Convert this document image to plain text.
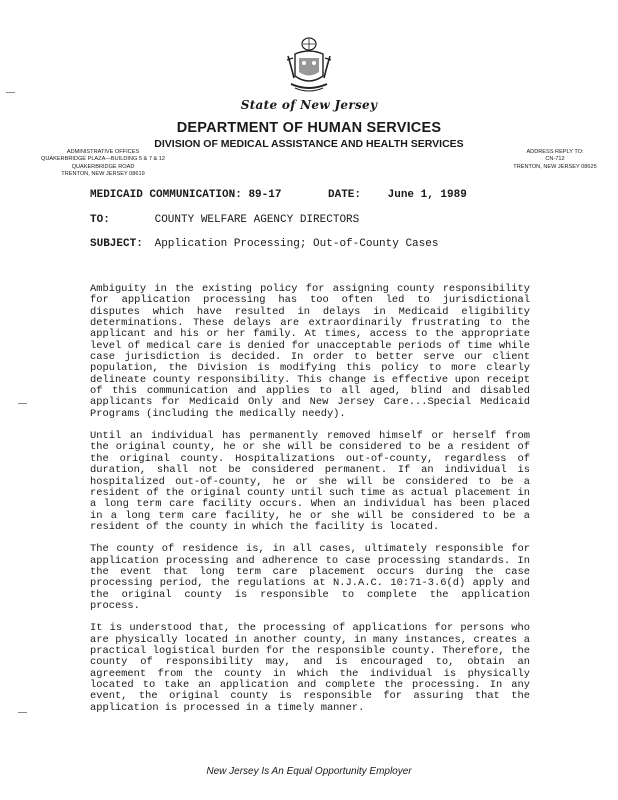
State of New Jersey
DEPARTMENT OF HUMAN SERVICES
DIVISION OF MEDICAL ASSISTANCE AND HEALTH SERVICES
ADMINISTRATIVE OFFICES
QUAKERBRIDGE PLAZA—BUILDING 5 & 7 & 12
QUAKERBRIDGE ROAD
TRENTON, NEW JERSEY 08619
ADDRESS REPLY TO:
CN-712
TRENTON, NEW JERSEY 08625
MEDICAID COMMUNICATION: 89-17	DATE: June 1, 1989
TO:	COUNTY WELFARE AGENCY DIRECTORS
SUBJECT: Application Processing; Out-of-County Cases

Ambiguity in the existing policy for assigning county responsibility for application processing has too often led to jurisdictional disputes which have resulted in delays in Medicaid eligibility determinations. These delays are extraordinarily frustrating to the applicant and his or her family. At times, access to the appropriate level of medical care is denied for unacceptable periods of time while case jurisdiction is decided. In order to better serve our client population, the Division is modifying this policy to more clearly delineate county responsibility. This change is effective upon receipt of this communication and applies to all aged, blind and disabled applicants for Medicaid Only and New Jersey Care...Special Medicaid Programs (including the medically needy).

Until an individual has permanently removed himself or herself from the original county, he or she will be considered to be a resident of the original county. Hospitalizations out-of-county, regardless of duration, shall not be considered permanent. If an individual is hospitalized out-of-county, he or she will be considered to be a resident of the original county until such time as actual placement in a long term care facility occurs. When an individual has been placed in a long term care facility, he or she will be considered to be a resident of the county in which the facility is located.

The county of residence is, in all cases, ultimately responsible for application processing and adherence to case processing standards. In the event that long term care placement occurs during the case processing period, the regulations at N.J.A.C. 10:71-3.6(d) apply and the original county is responsible to complete the application process.

It is understood that, the processing of applications for persons who are physically located in another county, in many instances, creates a practical logistical burden for the responsible county. Therefore, the county of responsibility may, and is encouraged to, obtain an agreement from the county in which the individual is physically located to take an application and complete the processing. In any event, the original county is responsible for assuring that the application is processed in a timely manner.

New Jersey Is An Equal Opportunity Employer
